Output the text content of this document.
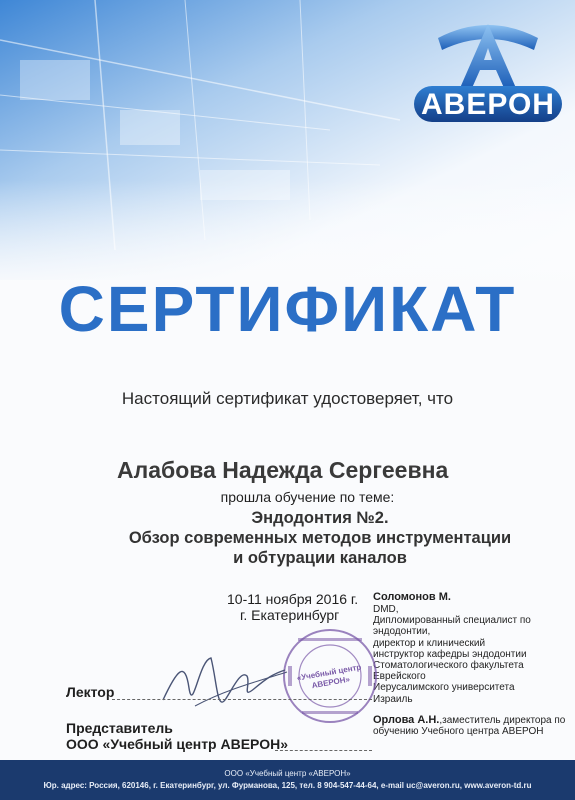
АВЕРОН
СЕРТИФИКАТ
Настоящий сертификат удостоверяет, что
Алабова Надежда Сергеевна
прошла обучение по теме:
Эндодонтия №2.
Обзор современных методов инструментации
и обтурации каналов
10-11 ноября 2016 г.
г. Екатеринбург
Соломонов М.
DMD,
Дипломированный специалист по
эндодонтии,
директор и клинический
инструктор кафедры эндодонтии
Стоматологического факультета
Еврейского
Иерусалимского университета
Израиль
«Учебный центр АВЕРОН»
Лектор
Представитель
ООО «Учебный центр АВЕРОН»
Орлова А.Н.,заместитель директора по обучению Учебного центра АВЕРОН
ООО «Учебный центр «АВЕРОН»
Юр. адрес: Россия, 620146, г. Екатеринбург, ул. Фурманова, 125, тел. 8 904-547-44-64, e-mail uc@averon.ru, www.averon-td.ru
